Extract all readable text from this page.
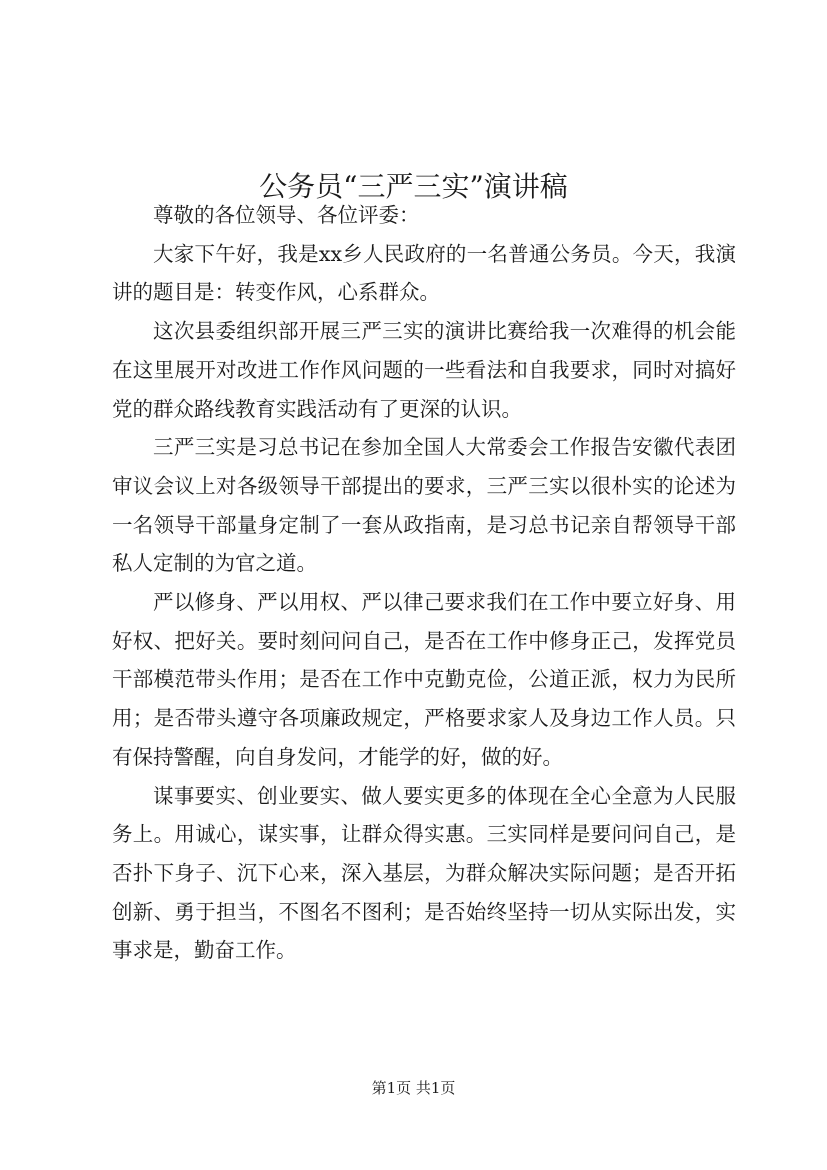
公务员“三严三实”演讲稿

尊敬的各位领导、各位评委：

大家下午好，我是xx乡人民政府的一名普通公务员。今天，我演讲的题目是：转变作风，心系群众。

这次县委组织部开展三严三实的演讲比赛给我一次难得的机会能在这里展开对改进工作作风问题的一些看法和自我要求，同时对搞好党的群众路线教育实践活动有了更深的认识。

三严三实是习总书记在参加全国人大常委会工作报告安徽代表团审议会议上对各级领导干部提出的要求，三严三实以很朴实的论述为一名领导干部量身定制了一套从政指南，是习总书记亲自帮领导干部私人定制的为官之道。

严以修身、严以用权、严以律己要求我们在工作中要立好身、用好权、把好关。要时刻问问自己，是否在工作中修身正己，发挥党员干部模范带头作用；是否在工作中克勤克俭，公道正派，权力为民所用；是否带头遵守各项廉政规定，严格要求家人及身边工作人员。只有保持警醒，向自身发问，才能学的好，做的好。

谋事要实、创业要实、做人要实更多的体现在全心全意为人民服务上。用诚心，谋实事，让群众得实惠。三实同样是要问问自己，是否扑下身子、沉下心来，深入基层，为群众解决实际问题；是否开拓创新、勇于担当，不图名不图利；是否始终坚持一切从实际出发，实事求是，勤奋工作。

第1页 共1页
